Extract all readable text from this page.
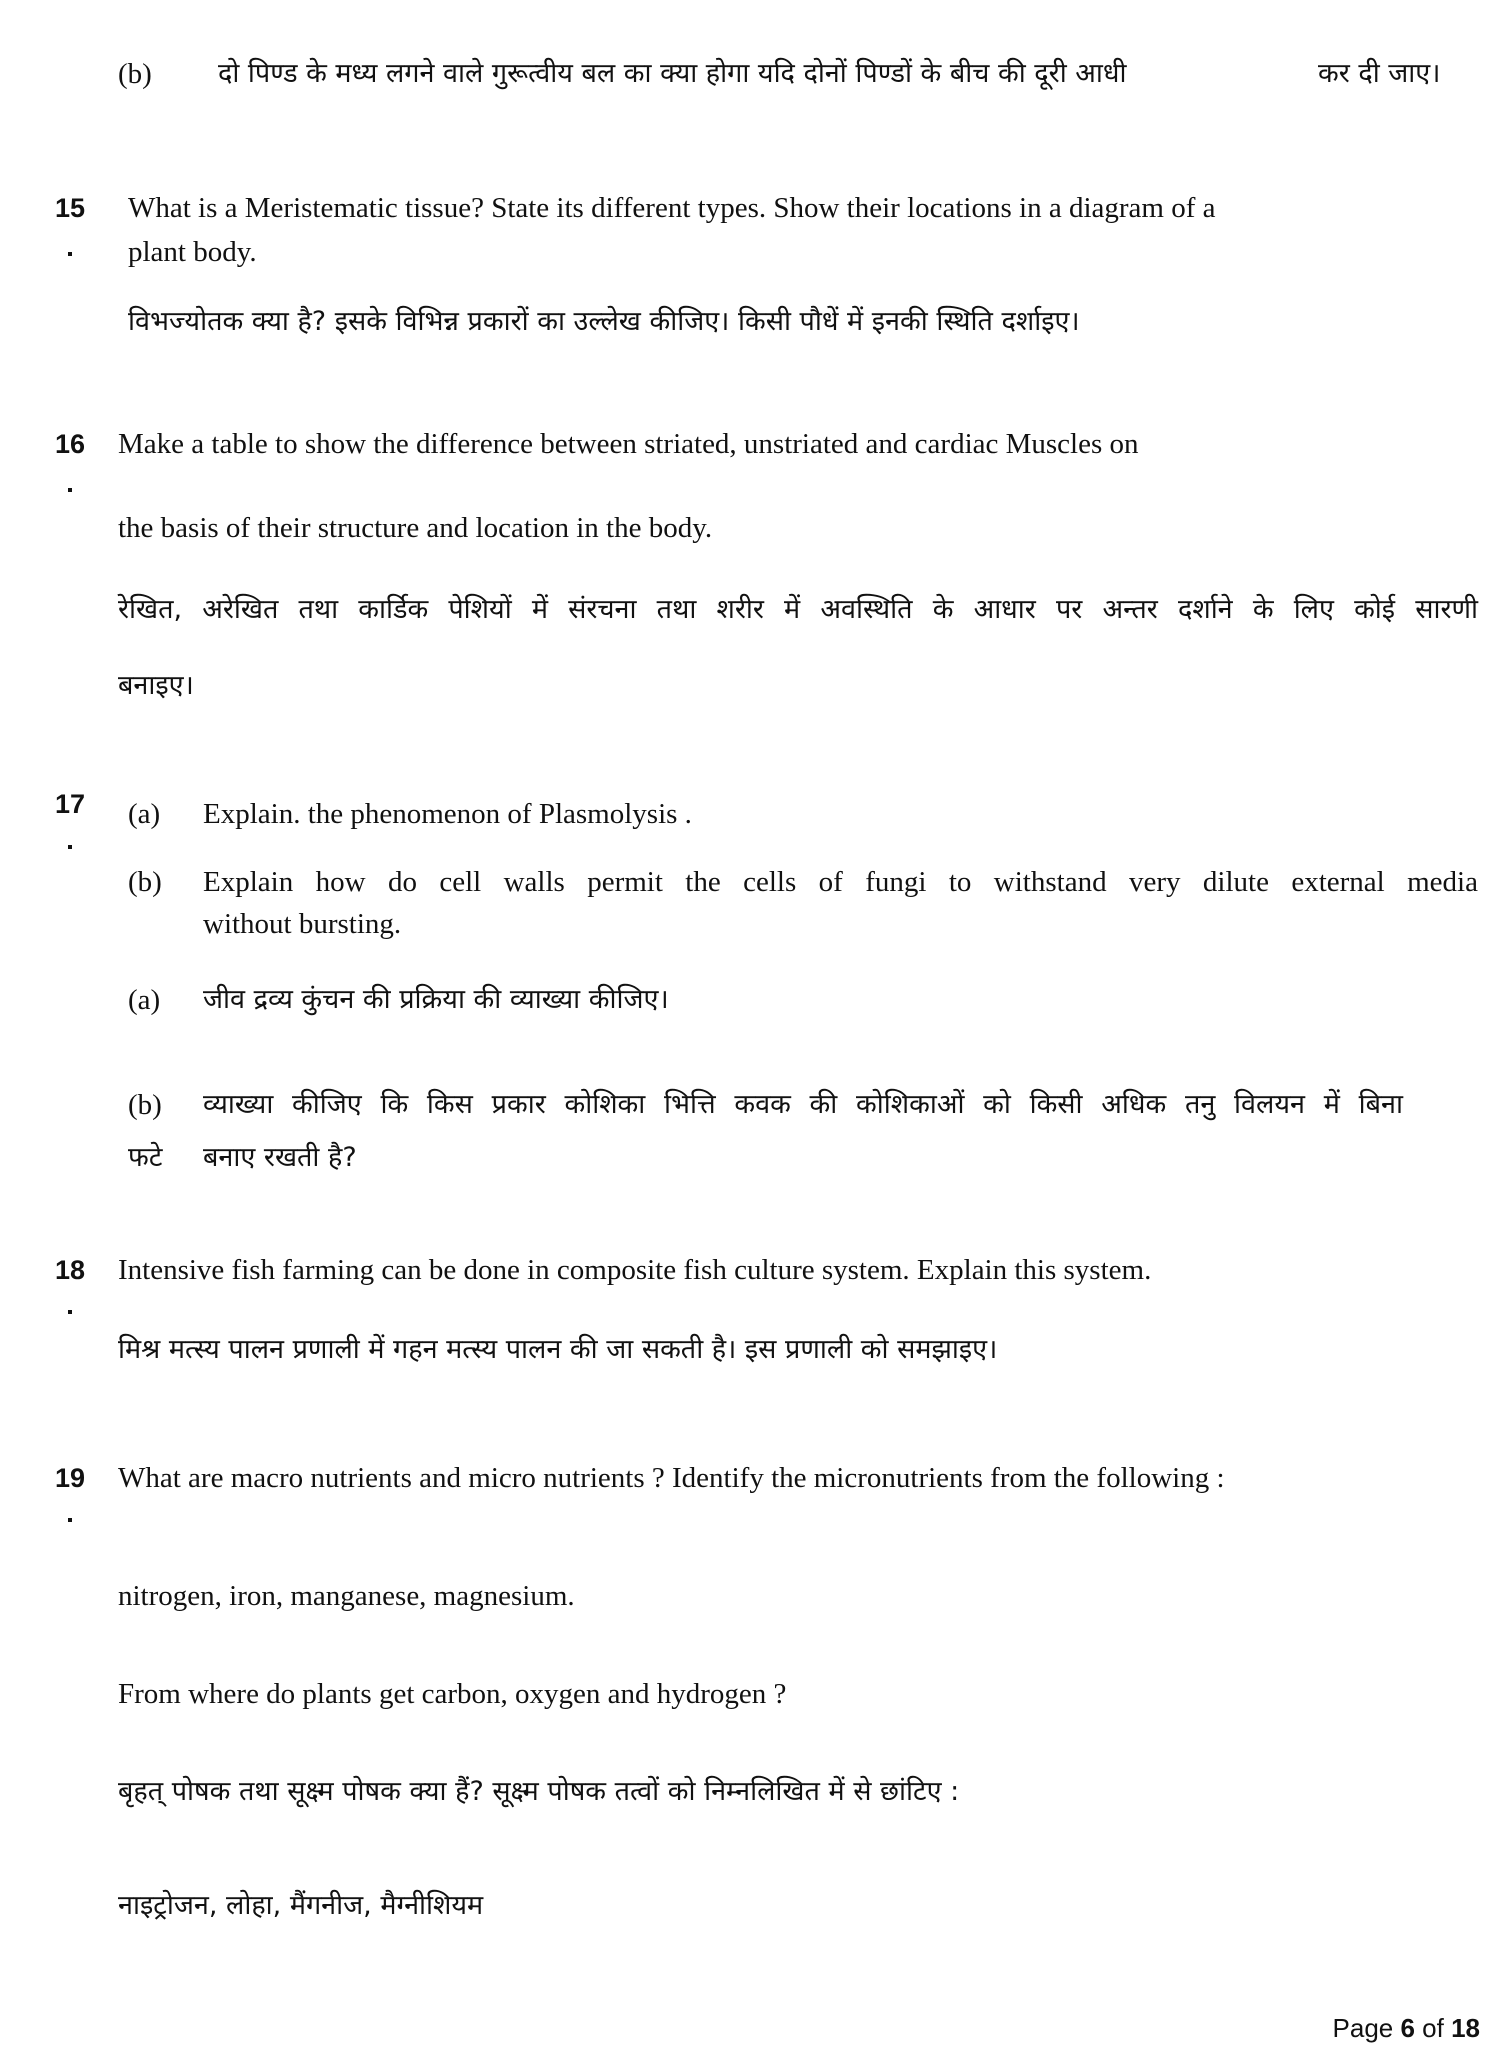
(b) दो पिण्ड के मध्य लगने वाले गुरूत्वीय बल का क्या होगा यदि दोनों पिण्डों के बीच की दूरी आधी	कर दी जाए।
15 What is a Meristematic tissue? State its different types. Show their locations in a diagram of a
plant body.
विभज्योतक क्या है? इसके विभिन्न प्रकारों का उल्लेख कीजिए। किसी पौधें में इनकी स्थिति दर्शाइए।
16 Make a table to show the difference between striated, unstriated and cardiac Muscles on
the basis of their structure and location in the body.
रेखित, अरेखित तथा कार्डिक पेशियों में संरचना तथा शरीर में अवस्थिति के आधार पर अन्तर दर्शाने के लिए कोई सारणी
बनाइए।
17 (a) Explain. the phenomenon of Plasmolysis .
(b) Explain how do cell walls permit the cells of fungi to withstand very dilute external media
without bursting.
(a) जीव द्रव्य कुंचन की प्रक्रिया की व्याख्या कीजिए।
(b) व्याख्या कीजिए कि किस प्रकार कोशिका भित्ति कवक की कोशिकाओं को किसी अधिक तनु विलयन में बिना
फटे बनाए रखती है?
18 Intensive fish farming can be done in composite fish culture system. Explain this system.
मिश्र मत्स्य पालन प्रणाली में गहन मत्स्य पालन की जा सकती है। इस प्रणाली को समझाइए।
19 What are macro nutrients and micro nutrients ? Identify the micronutrients from the following :
nitrogen, iron, manganese, magnesium.
From where do plants get carbon, oxygen and hydrogen ?
बृहत् पोषक तथा सूक्ष्म पोषक क्या हैं? सूक्ष्म पोषक तत्वों को निम्नलिखित में से छांटिए :
नाइट्रोजन, लोहा, मैंगनीज, मैग्नीशियम
Page 6 of 18
